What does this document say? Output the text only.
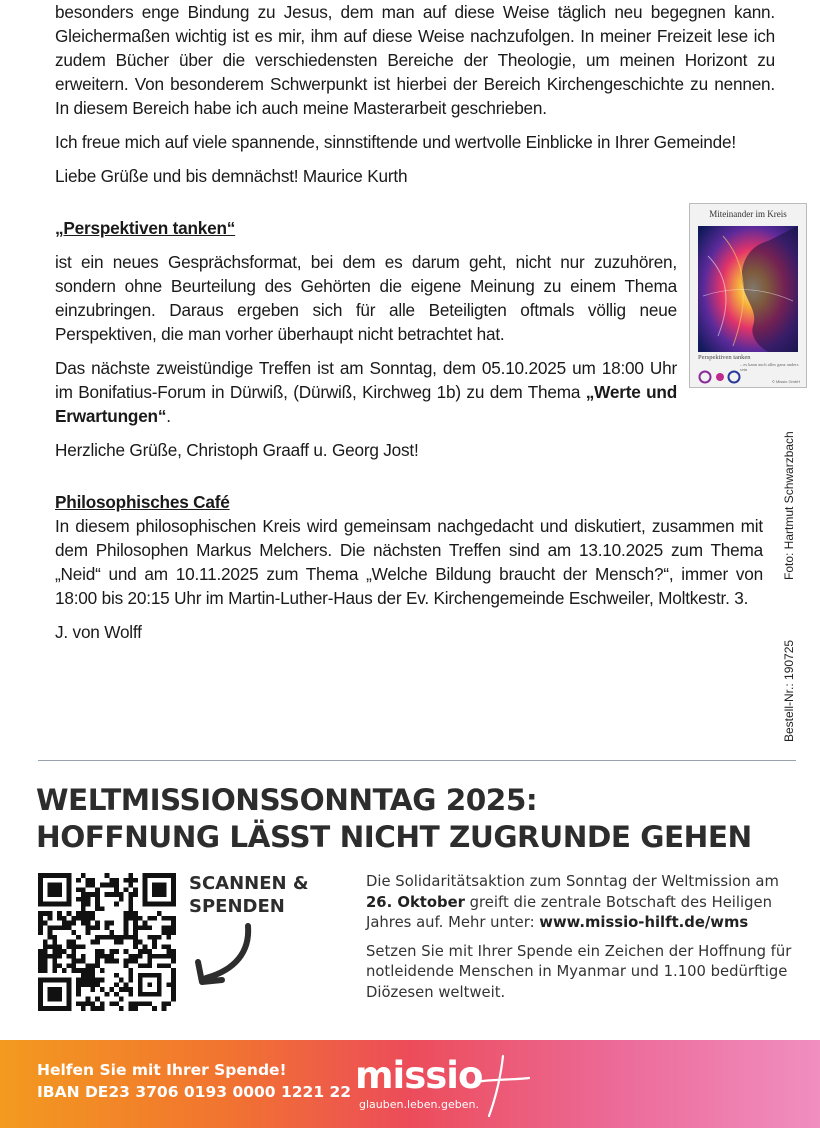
besonders enge Bindung zu Jesus, dem man auf diese Weise täglich neu begegnen kann. Gleichermaßen wichtig ist es mir, ihm auf diese Weise nachzufolgen. In meiner Freizeit lese ich zudem Bücher über die verschiedensten Bereiche der Theologie, um meinen Horizont zu erweitern. Von besonderem Schwerpunkt ist hierbei der Bereich Kirchengeschichte zu nennen. In diesem Bereich habe ich auch meine Masterarbeit geschrieben.

Ich freue mich auf viele spannende, sinnstiftende und wertvolle Einblicke in Ihrer Gemeinde!

Liebe Grüße und bis demnächst! Maurice Kurth

„Perspektiven tanken“

ist ein neues Gesprächsformat, bei dem es darum geht, nicht nur zuzuhören, sondern ohne Beurteilung des Gehörten die eigene Meinung zu einem Thema einzubringen. Daraus ergeben sich für alle Beteiligten oftmals völlig neue Perspektiven, die man vorher überhaupt nicht betrachtet hat.

Das nächste zweistündige Treffen ist am Sonntag, dem 05.10.2025 um 18:00 Uhr im Bonifatius-Forum in Dürwiß, (Dürwiß, Kirchweg 1b) zu dem Thema „Werte und Erwartungen“.

Herzliche Grüße, Christoph Graaff u. Georg Jost!

Philosophisches Café

In diesem philosophischen Kreis wird gemeinsam nachgedacht und diskutiert, zusammen mit dem Philosophen Markus Melchers. Die nächsten Treffen sind am 13.10.2025 zum Thema „Neid“ und am 10.11.2025 zum Thema „Welche Bildung braucht der Mensch?“, immer von 18:00 bis 20:15 Uhr im Martin-Luther-Haus der Ev. Kirchengemeinde Eschweiler, Moltkestr. 3.

J. von Wolff

Miteinander im Kreis
Perspektiven tanken
– es kann auch alles ganz anders sein
© Missio GmbH
Foto: Hartmut Schwarzbach
Bestell-Nr.: 190725
WELTMISSIONSSONNTAG 2025:
HOFFNUNG LÄSST NICHT ZUGRUNDE GEHEN
SCANNEN &
SPENDEN

Die Solidaritätsaktion zum Sonntag der Weltmission am 26. Oktober greift die zentrale Botschaft des Heiligen Jahres auf. Mehr unter: www.missio-hilft.de/wms

Setzen Sie mit Ihrer Spende ein Zeichen der Hoffnung für notleidende Menschen in Myanmar und 1.100 bedürftige Diözesen weltweit.

Helfen Sie mit Ihrer Spende!
IBAN DE23 3706 0193 0000 1221 22 missio
glauben.leben.geben.
